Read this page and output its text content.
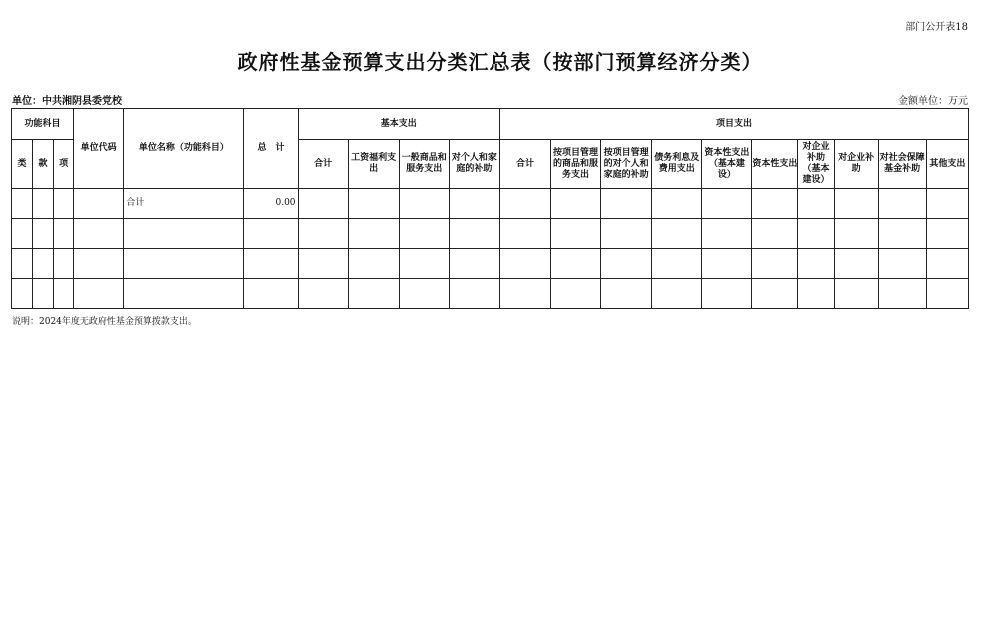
部门公开表18
政府性基金预算支出分类汇总表（按部门预算经济分类）
单位：中共湘阴县委党校	金额单位：万元
功能科目			单位代码	单位名称（功能科目）	总　计	基本支出				项目支出									
类	款	项				合计	工资福利支出	一般商品和服务支出	对个人和家庭的补助	合计	按项目管理的商品和服务支出	按项目管理的对个人和家庭的补助	债务利息及费用支出	资本性支出（基本建设）	资本性支出	对企业补助（基本建设）	对企业补助	对社会保障基金补助	其他支出
				合计	0.00														

说明：2024年度无政府性基金预算拨款支出。
